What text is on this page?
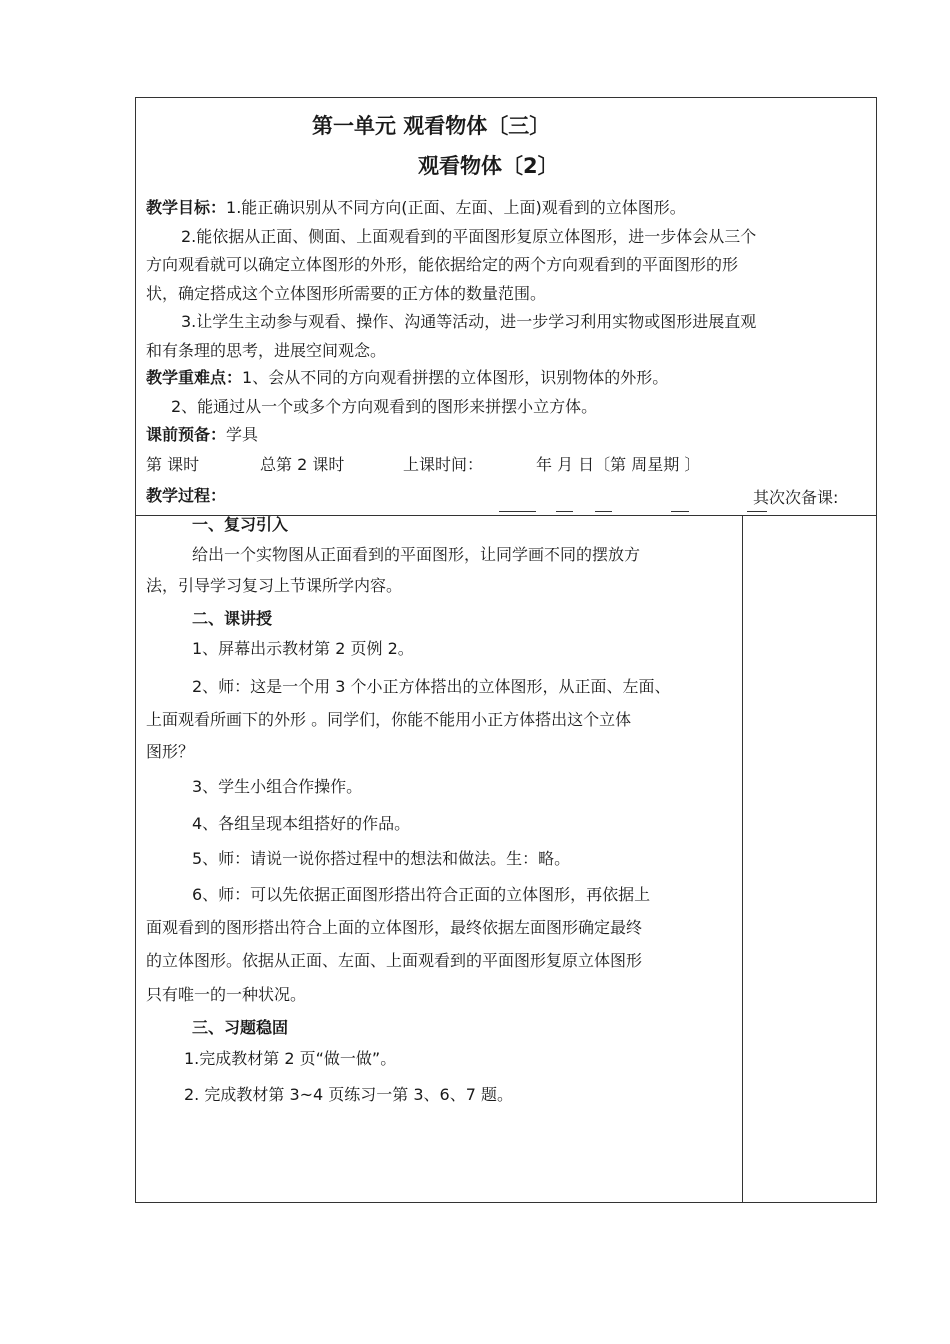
第一单元 观看物体〔三〕
观看物体〔2〕
教学目标：1.能正确识别从不同方向(正面、左面、上面)观看到的立体图形。
2.能依据从正面、侧面、上面观看到的平面图形复原立体图形，进一步体会从三个
方向观看就可以确定立体图形的外形，能依据给定的两个方向观看到的平面图形的形
状，确定搭成这个立体图形所需要的正方体的数量范围。
3.让学生主动参与观看、操作、沟通等活动，进一步学习利用实物或图形进展直观
和有条理的思考，进展空间观念。
教学重难点：1、会从不同的方向观看拼摆的立体图形，识别物体的外形。
2、能通过从一个或多个方向观看到的图形来拼摆小立方体。
课前预备：学具
第 课时	总第 2 课时	上课时间：	年 月 日〔第 周星期 〕
教学过程：	其次次备课:
一、复习引入
给出一个实物图从正面看到的平面图形，让同学画不同的摆放方
法，引导学习复习上节课所学内容。
二、课讲授
1、屏幕出示教材第 2 页例 2。
2、师：这是一个用 3 个小正方体搭出的立体图形，从正面、左面、
上面观看所画下的外形 。同学们，你能不能用小正方体搭出这个立体
图形？
3、学生小组合作操作。
4、各组呈现本组搭好的作品。
5、师：请说一说你搭过程中的想法和做法。生：略。
6、师：可以先依据正面图形搭出符合正面的立体图形，再依据上
面观看到的图形搭出符合上面的立体图形，最终依据左面图形确定最终
的立体图形。依据从正面、左面、上面观看到的平面图形复原立体图形
只有唯一的一种状况。
三、习题稳固
1.完成教材第 2 页“做一做”。
2. 完成教材第 3~4 页练习一第 3、6、7 题。
